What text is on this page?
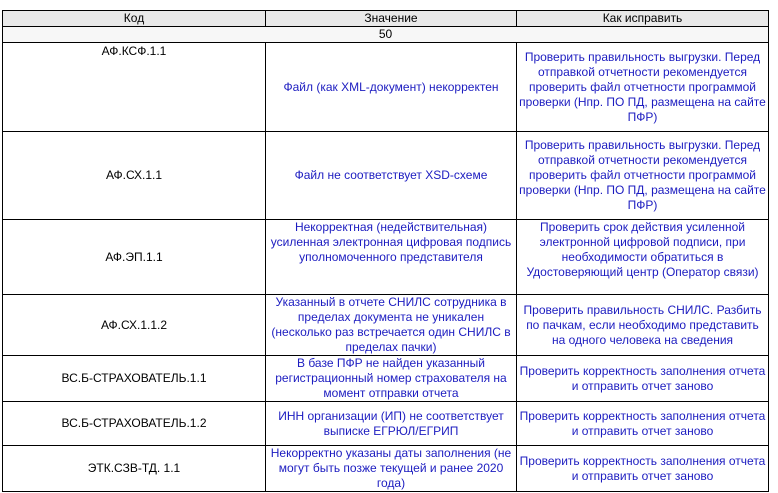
Код	Значение	Как исправить
50		
АФ.КСФ.1.1	Файл (как XML-документ) некорректен	Проверить правильность выгрузки. Перед отправкой отчетности рекомендуется проверить файл отчетности программой проверки (Нпр. ПО ПД, размещена на сайте ПФР)
АФ.СХ.1.1	Файл не соответствует XSD-схеме	Проверить правильность выгрузки. Перед отправкой отчетности рекомендуется проверить файл отчетности программой проверки (Нпр. ПО ПД, размещена на сайте ПФР)
АФ.ЭП.1.1	Некорректная (недействительная) усиленная электронная цифровая подпись уполномоченного представителя	Проверить срок действия усиленной электронной цифровой подписи, при необходимости обратиться в Удостоверяющий центр (Оператор связи)
АФ.СХ.1.1.2	Указанный в отчете СНИЛС сотрудника в пределах документа не уникален (несколько раз встречается один СНИЛС в пределах пачки)	Проверить правильность СНИЛС. Разбить по пачкам, если необходимо представить на одного человека на сведения
ВС.Б-СТРАХОВАТЕЛЬ.1.1	В базе ПФР не найден указанный регистрационный номер страхователя на момент отправки отчета	Проверить корректность заполнения отчета и отправить отчет заново
ВС.Б-СТРАХОВАТЕЛЬ.1.2	ИНН организации (ИП) не соответствует выписке ЕГРЮЛ/ЕГРИП	Проверить корректность заполнения отчета и отправить отчет заново
ЭТК.СЗВ-ТД. 1.1	Некорректно указаны даты заполнения (не могут быть позже текущей и ранее 2020 года)	Проверить корректность заполнения отчета и отправить отчет заново
